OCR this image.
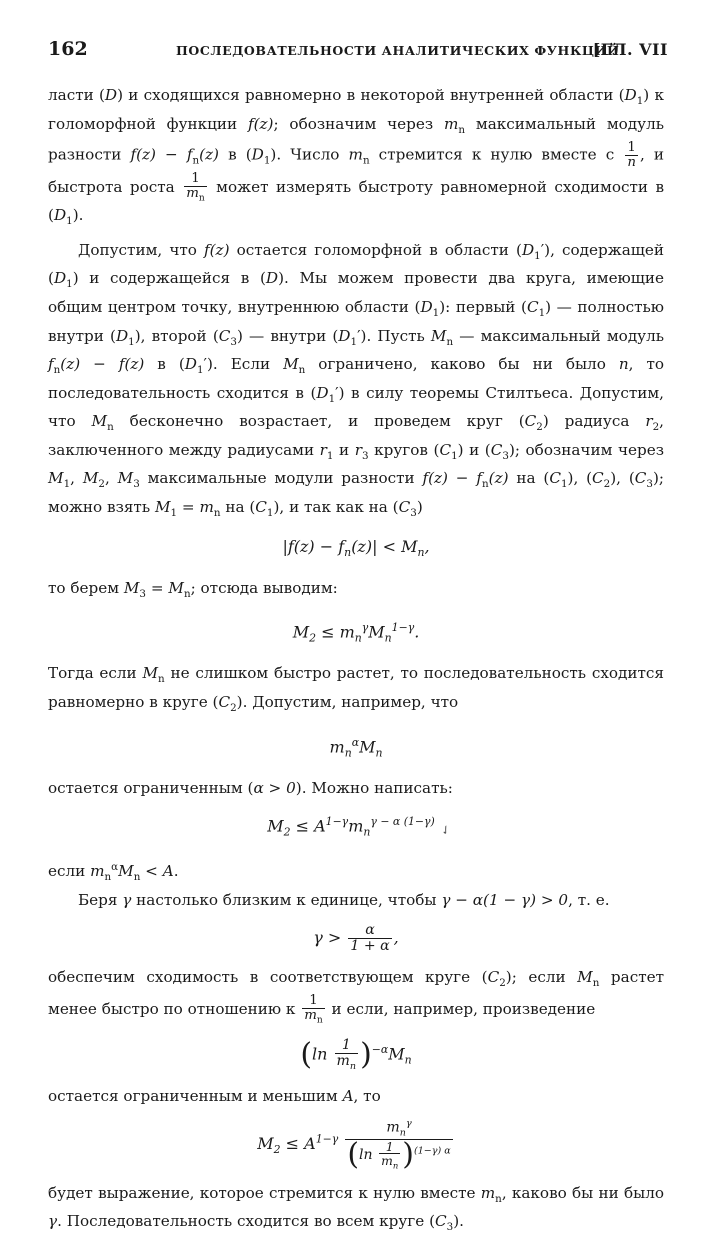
162	ПОСЛЕДОВАТЕЛЬНОСТИ АНАЛИТИЧЕСКИХ ФУНКЦИЙ
[ГЛ. VII

ласти (D) и сходящихся равномерно в некоторой внутренней области $(D_1)$ к голоморфной функции f(z); обозначим через $m_n$ максимальный модуль разности $f(z) - f_n(z)$ в $(D_1)$. Число $m_n$ стремится к нулю вместе с $\frac{1}{n}$ , и быстрота роста $\frac{1}{m_n}$ может измерять быстроту равномерной сходимости в $(D_1)$.

Допустим, что f(z) остается голоморфной в области $(D_1')$, содержащей $(D_1)$ и содержащейся в (D). Мы можем провести два круга, имеющие общим центром точку, внутреннюю области $(D_1)$: первый $(C_1)$ — полностью внутри $(D_1)$, второй $(C_3)$ — внутри $(D_1')$. Пусть $M_n$ — максимальный модуль $f_n(z) - f(z)$ в $(D_1')$. Если $M_n$ ограничено, каково бы ни было n, то последовательность сходится в $(D_1')$ в силу теоремы Стилтьеса. Допустим, что $M_n$ бесконечно возрастает, и проведем круг $(C_2)$ радиуса $r_2$, заключенного между радиусами $r_1$ и $r_3$ кругов $(C_1)$ и $(C_3)$; обозначим через $M_1$, $M_2$, $M_3$ максимальные модули разности $f(z) - f_n(z)$ на $(C_1)$, $(C_2)$, $(C_3)$; можно взять $M_1 = m_n$ на $(C_1)$, и так как на $(C_3)$

$|f(z) - f_n(z)| < M_n$,

то берем $M_3 = M_n$; отсюда выводим:

$M_2 \le m_n^\gamma M_n^{1-\gamma}$.

Тогда если $M_n$ не слишком быстро растет, то последовательность сходится равномерно в круге $(C_2)$. Допустим, например, что

$m_n^\alpha M_n$

остается ограниченным (α > 0). Можно написать:

$M_2$ ≤ $A^{1-\gamma}m_n^{\gamma - \alpha (1-\gamma)}✓$

если $m_n^\alpha M_n < A$.

Беря γ настолько близким к единице, чтобы γ − α(1 − γ) > 0, т. е.

$\gamma > \frac{\alpha}{1 + \alpha}$ ,

обеспечим сходимость в соответствующем круге $(C_2)$; если $M_n$ растет менее быстро по отношению к $\frac{1}{m_n}$ и если, например, произведение

$(\ln \frac{1}{m_n} )^{-\alpha}M_n$

остается ограниченным и меньшим A, то

$M_2 \le A^{1-\gamma} \frac{m_n^\gamma}{(\ln \frac{1}{m_n} )^{(1-\gamma) \alpha}}$

будет выражение, которое стремится к нулю вместе $m_n$, каково бы ни было γ. Последовательность сходится во всем круге $(C_3)$.
